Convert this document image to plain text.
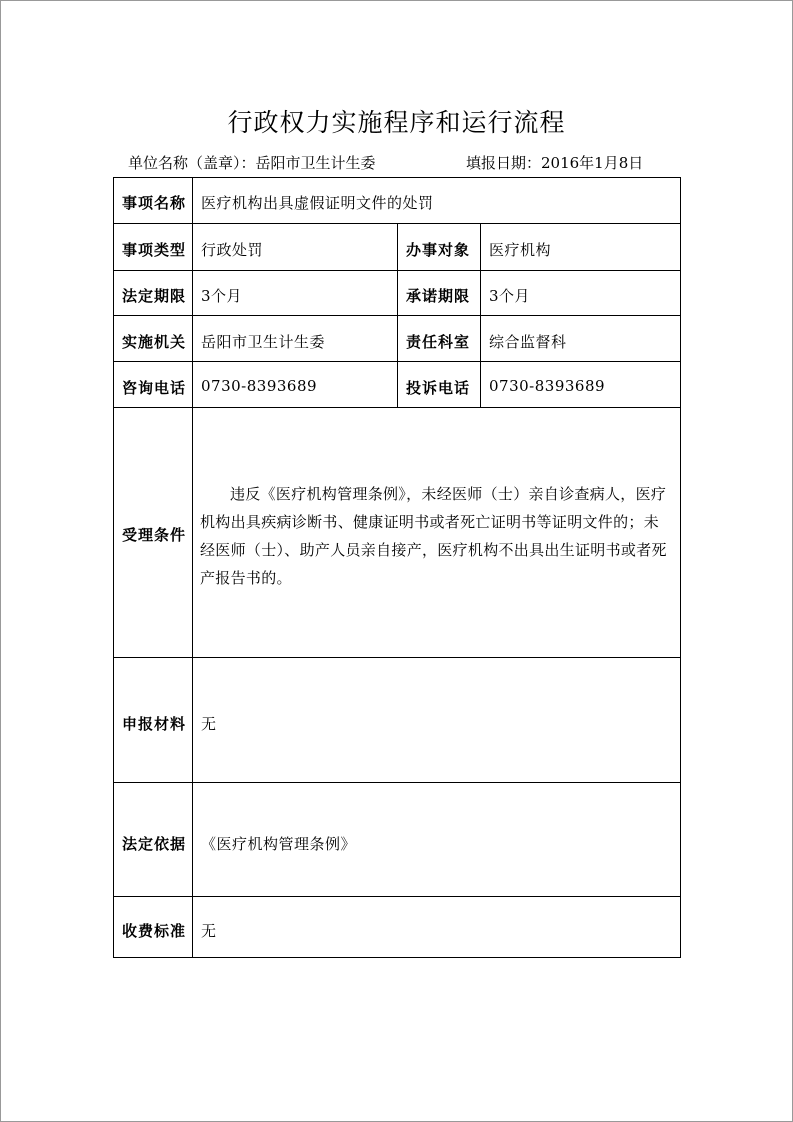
行政权力实施程序和运行流程
单位名称（盖章）：岳阳市卫生计生委	填报日期：2016年1月8日
事项名称 医疗机构出具虚假证明文件的处罚
事项类型 行政处罚	办事对象 医疗机构
法定期限 3个月	承诺期限 3个月
实施机关 岳阳市卫生计生委	责任科室 综合监督科
咨询电话 0730-8393689	投诉电话 0730-8393689
受理条件
违反《医疗机构管理条例》，未经医师（士）亲自诊查病人，医疗机构出具疾病诊断书、健康证明书或者死亡证明书等证明文件的；未经医师（士）、助产人员亲自接产，医疗机构不出具出生证明书或者死产报告书的。
申报材料 无
法定依据 《医疗机构管理条例》
收费标准 无
